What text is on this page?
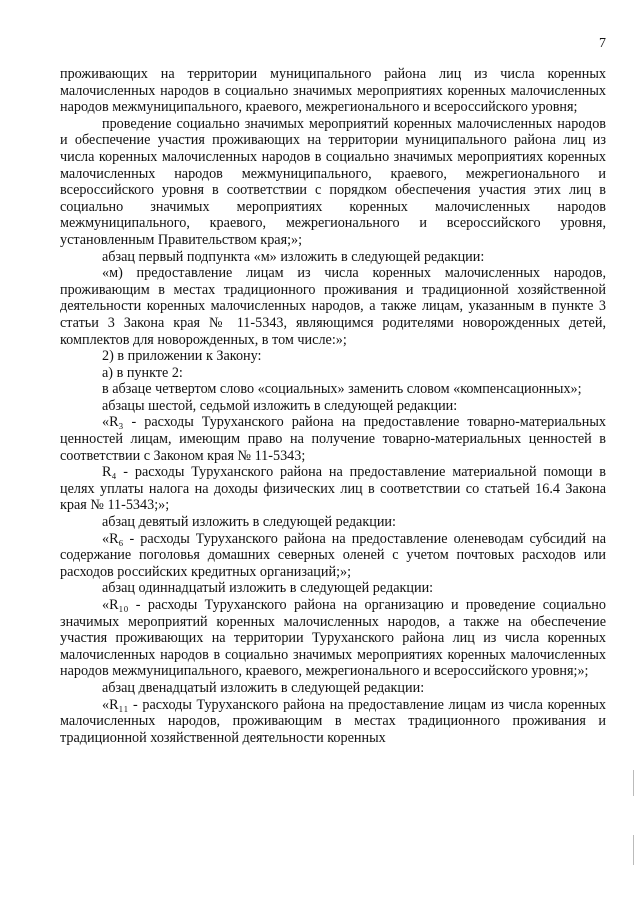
7

проживающих на территории муниципального района лиц из числа коренных малочисленных народов в социально значимых мероприятиях коренных малочисленных народов межмуниципального, краевого, межрегионального и всероссийского уровня;

проведение социально значимых мероприятий коренных малочисленных народов и обеспечение участия проживающих на территории муниципального района лиц из числа коренных малочисленных народов в социально значимых мероприятиях коренных малочисленных народов межмуниципального, краевого, межрегионального и всероссийского уровня в соответствии с порядком обеспечения участия этих лиц в социально значимых мероприятиях коренных малочисленных народов межмуниципального, краевого, межрегионального и всероссийского уровня, установленным Правительством края;»;

абзац первый подпункта «м» изложить в следующей редакции:

«м) предоставление лицам из числа коренных малочисленных народов, проживающим в местах традиционного проживания и традиционной хозяйственной деятельности коренных малочисленных народов, а также лицам, указанным в пункте 3 статьи 3 Закона края № 11-5343, являющимся родителями новорожденных детей, комплектов для новорожденных, в том числе:»;

2) в приложении к Закону:

а) в пункте 2:

в абзаце четвертом слово «социальных» заменить словом «компенсационных»;

абзацы шестой, седьмой изложить в следующей редакции:

«R₃ - расходы Туруханского района на предоставление товарно-материальных ценностей лицам, имеющим право на получение товарно-материальных ценностей в соответствии с Законом края № 11-5343;

R₄ - расходы Туруханского района на предоставление материальной помощи в целях уплаты налога на доходы физических лиц в соответствии со статьей 16.4 Закона края № 11-5343;»;

абзац девятый изложить в следующей редакции:

«R₆ - расходы Туруханского района на предоставление оленеводам субсидий на содержание поголовья домашних северных оленей с учетом почтовых расходов или расходов российских кредитных организаций;»;

абзац одиннадцатый изложить в следующей редакции:

«R₁₀ - расходы Туруханского района на организацию и проведение социально значимых мероприятий коренных малочисленных народов, а также на обеспечение участия проживающих на территории Туруханского района лиц из числа коренных малочисленных народов в социально значимых мероприятиях коренных малочисленных народов межмуниципального, краевого, межрегионального и всероссийского уровня;»;

абзац двенадцатый изложить в следующей редакции:

«R₁₁ - расходы Туруханского района на предоставление лицам из числа коренных малочисленных народов, проживающим в местах традиционного проживания и традиционной хозяйственной деятельности коренных
